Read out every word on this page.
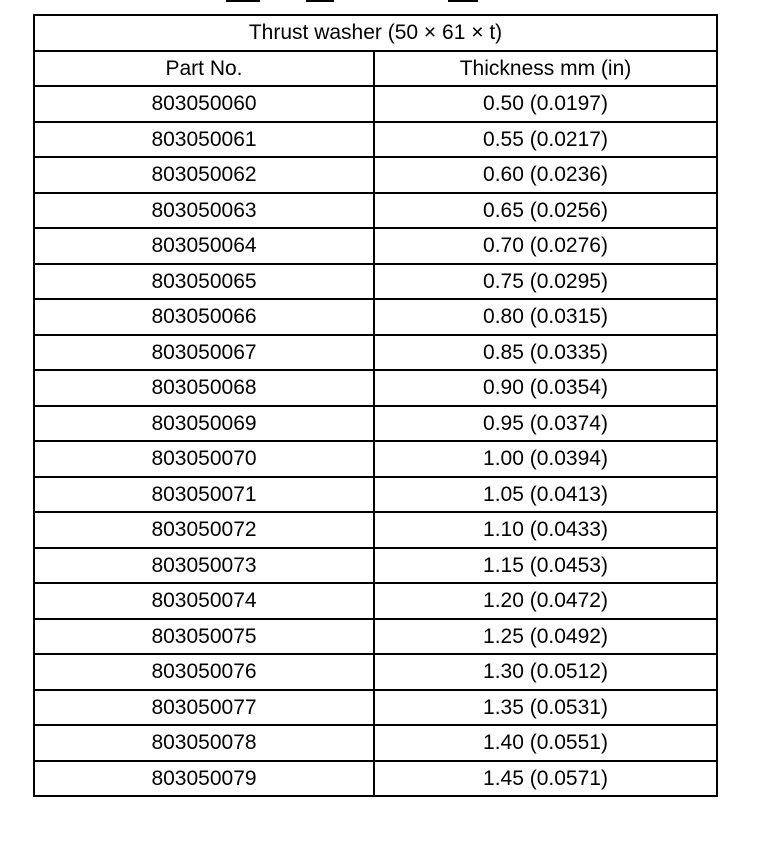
Thrust washer (50 × 61 × t)	
Part No.	Thickness mm (in)
803050060	0.50 (0.0197)
803050061	0.55 (0.0217)
803050062	0.60 (0.0236)
803050063	0.65 (0.0256)
803050064	0.70 (0.0276)
803050065	0.75 (0.0295)
803050066	0.80 (0.0315)
803050067	0.85 (0.0335)
803050068	0.90 (0.0354)
803050069	0.95 (0.0374)
803050070	1.00 (0.0394)
803050071	1.05 (0.0413)
803050072	1.10 (0.0433)
803050073	1.15 (0.0453)
803050074	1.20 (0.0472)
803050075	1.25 (0.0492)
803050076	1.30 (0.0512)
803050077	1.35 (0.0531)
803050078	1.40 (0.0551)
803050079	1.45 (0.0571)
